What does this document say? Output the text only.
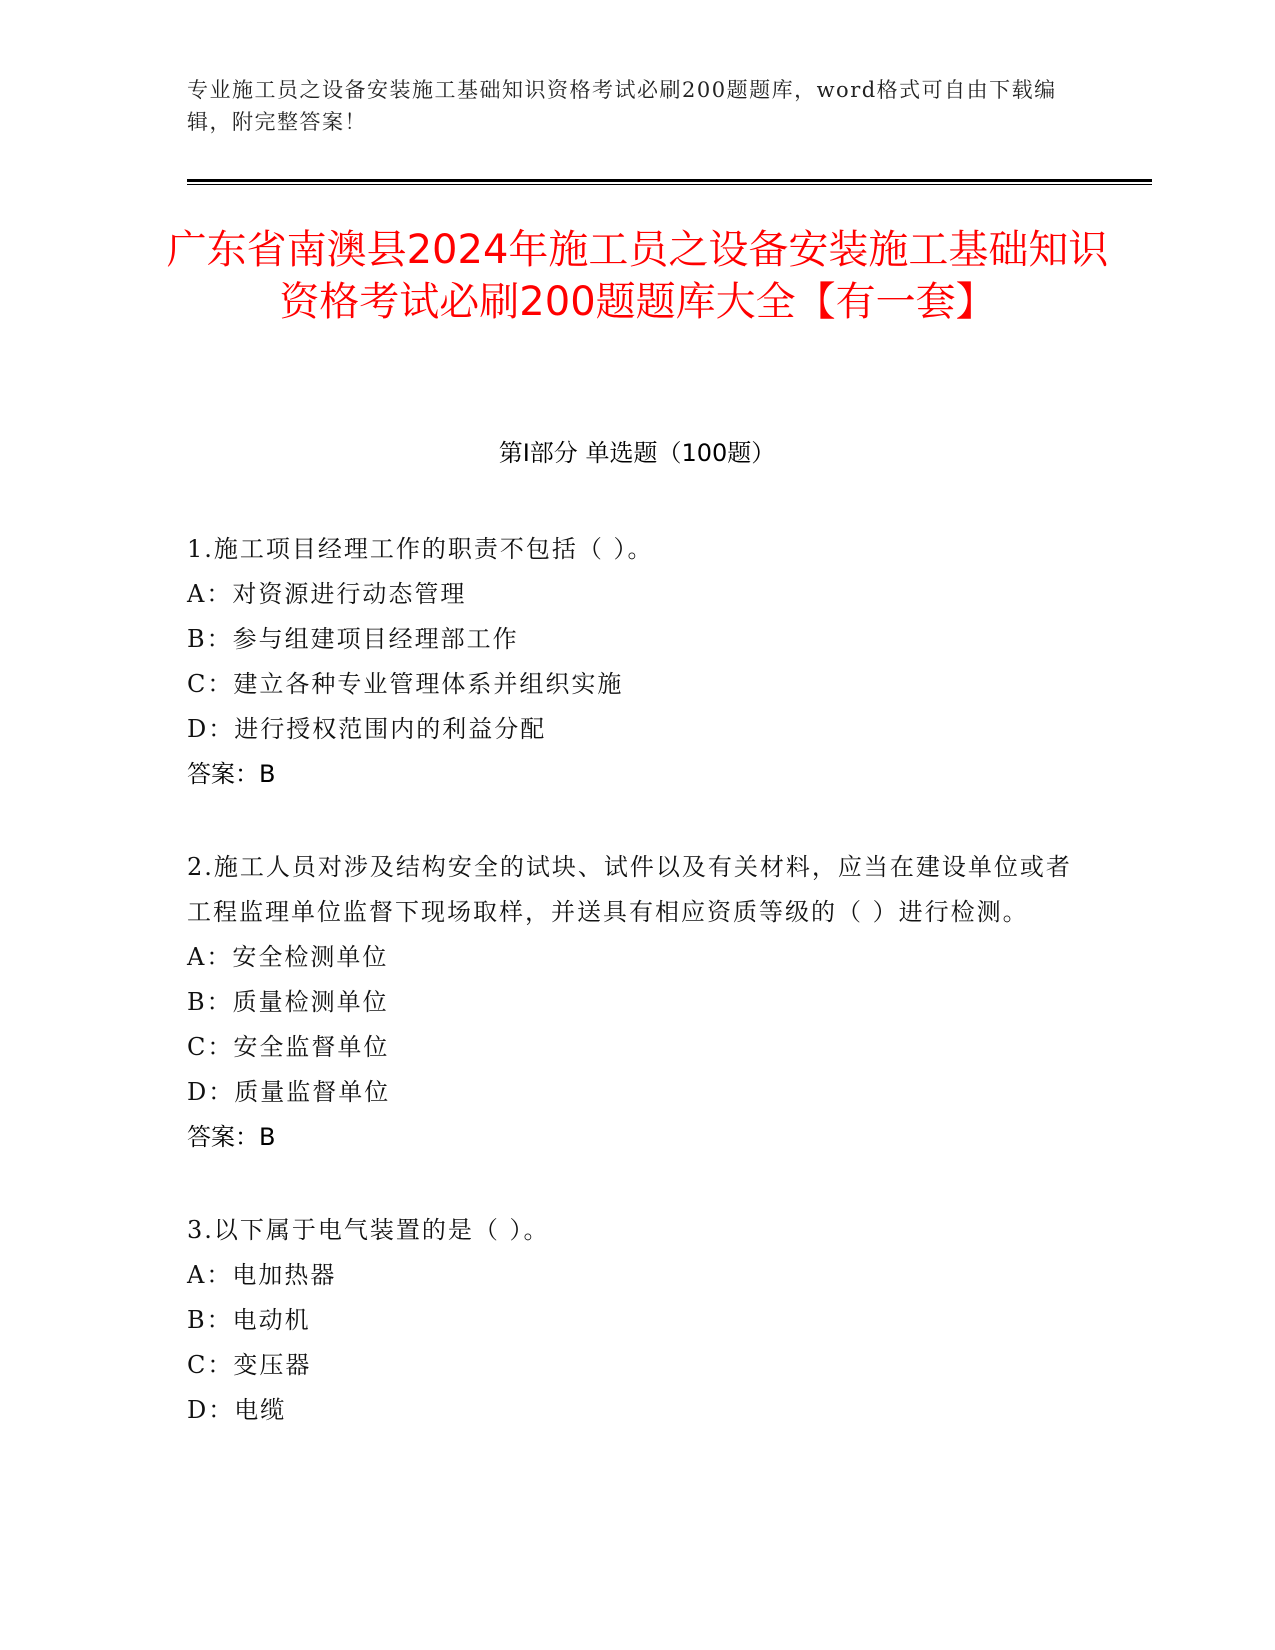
专业施工员之设备安装施工基础知识资格考试必刷200题题库，word格式可自由下载编辑，附完整答案！
广东省南澳县2024年施工员之设备安装施工基础知识资格考试必刷200题题库大全【有一套】
第Ⅰ部分 单选题（100题）

1.施工项目经理工作的职责不包括（ ）。

A：对资源进行动态管理

B：参与组建项目经理部工作

C：建立各种专业管理体系并组织实施

D：进行授权范围内的利益分配

答案：B

2.施工人员对涉及结构安全的试块、试件以及有关材料，应当在建设单位或者工程监理单位监督下现场取样，并送具有相应资质等级的（ ）进行检测。

A：安全检测单位

B：质量检测单位

C：安全监督单位

D：质量监督单位

答案：B

3.以下属于电气装置的是（ ）。

A：电加热器

B：电动机

C：变压器

D：电缆
